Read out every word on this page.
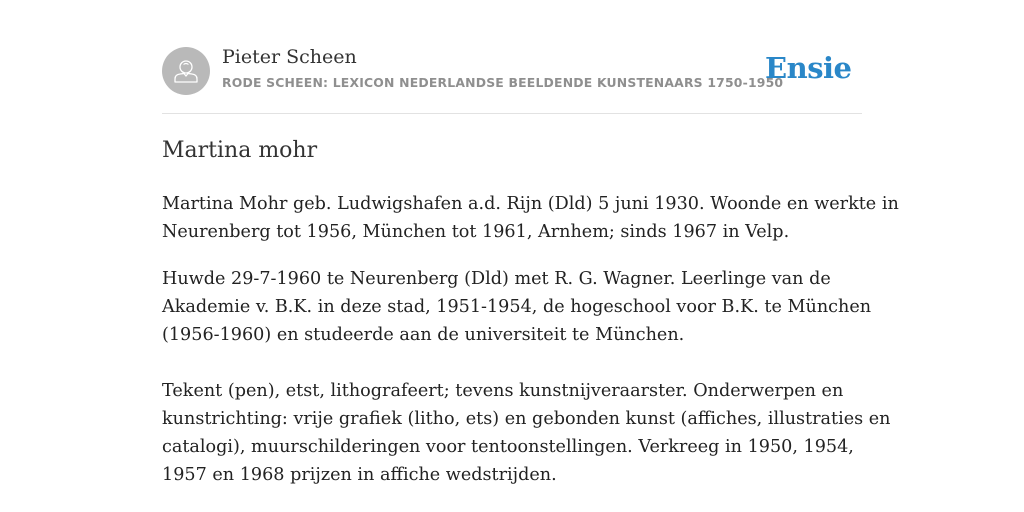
Pieter Scheen
RODE SCHEEN: LEXICON NEDERLANDSE BEELDENDE KUNSTENAARS 1750-1950
Ensie
Martina mohr

Martina Mohr geb. Ludwigshafen a.d. Rijn (Dld) 5 juni 1930. Woonde en werkte in
Neurenberg tot 1956, München tot 1961, Arnhem; sinds 1967 in Velp.

Huwde 29-7-1960 te Neurenberg (Dld) met R. G. Wagner. Leerlinge van de
Akademie v. B.K. in deze stad, 1951-1954, de hogeschool voor B.K. te München
(1956-1960) en studeerde aan de universiteit te München.

Tekent (pen), etst, lithografeert; tevens kunstnijveraarster. Onderwerpen en
kunstrichting: vrije grafiek (litho, ets) en gebonden kunst (affiches, illustraties en
catalogi), muurschilderingen voor tentoonstellingen. Verkreeg in 1950, 1954,
1957 en 1968 prijzen in affiche wedstrijden.
